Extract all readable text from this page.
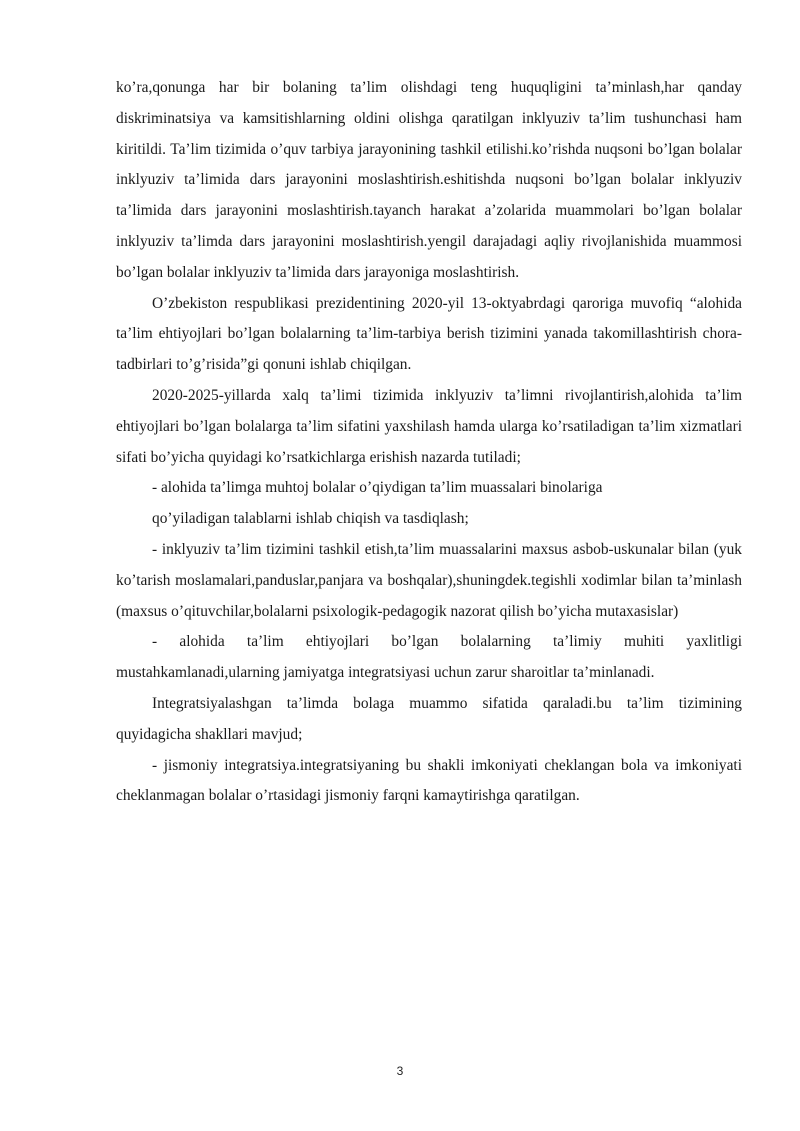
ko’ra,qonunga har bir bolaning ta’lim olishdagi teng huquqligini ta’minlash,har qanday diskriminatsiya va kamsitishlarning oldini olishga qaratilgan inklyuziv ta’lim tushunchasi ham kiritildi. Ta’lim tizimida o’quv tarbiya jarayonining tashkil etilishi.ko’rishda nuqsoni bo’lgan bolalar inklyuziv ta’limida dars jarayonini moslashtirish.eshitishda nuqsoni bo’lgan bolalar inklyuziv ta’limida dars jarayonini moslashtirish.tayanch harakat a’zolarida muammolari bo’lgan bolalar inklyuziv ta’limda dars jarayonini moslashtirish.yengil darajadagi aqliy rivojlanishida muammosi bo’lgan bolalar inklyuziv ta’limida dars jarayoniga moslashtirish.

O’zbekiston respublikasi prezidentining 2020-yil 13-oktyabrdagi qaroriga muvofiq “alohida ta’lim ehtiyojlari bo’lgan bolalarning ta’lim-tarbiya berish tizimini yanada takomillashtirish chora-tadbirlari to’g’risida”gi qonuni ishlab chiqilgan.

2020-2025-yillarda xalq ta’limi tizimida inklyuziv ta’limni rivojlantirish,alohida ta’lim ehtiyojlari bo’lgan bolalarga ta’lim sifatini yaxshilash hamda ularga ko’rsatiladigan ta’lim xizmatlari sifati bo’yicha quyidagi ko’rsatkichlarga erishish nazarda tutiladi;

- alohida ta’limga muhtoj bolalar o’qiydigan ta’lim muassalari binolariga

qo’yiladigan talablarni ishlab chiqish va tasdiqlash;

- inklyuziv ta’lim tizimini tashkil etish,ta’lim muassalarini maxsus asbob-uskunalar bilan (yuk ko’tarish moslamalari,panduslar,panjara va boshqalar),shuningdek.tegishli xodimlar bilan ta’minlash (maxsus o’qituvchilar,bolalarni psixologik-pedagogik nazorat qilish bo’yicha mutaxasislar)

- alohida ta’lim ehtiyojlari bo’lgan bolalarning ta’limiy muhiti yaxlitligi mustahkamlanadi,ularning jamiyatga integratsiyasi uchun zarur sharoitlar ta’minlanadi.

Integratsiyalashgan ta’limda bolaga muammo sifatida qaraladi.bu ta’lim tizimining quyidagicha shakllari mavjud;

- jismoniy integratsiya.integratsiyaning bu shakli imkoniyati cheklangan bola va imkoniyati cheklanmagan bolalar o’rtasidagi jismoniy farqni kamaytirishga qaratilgan.

3
